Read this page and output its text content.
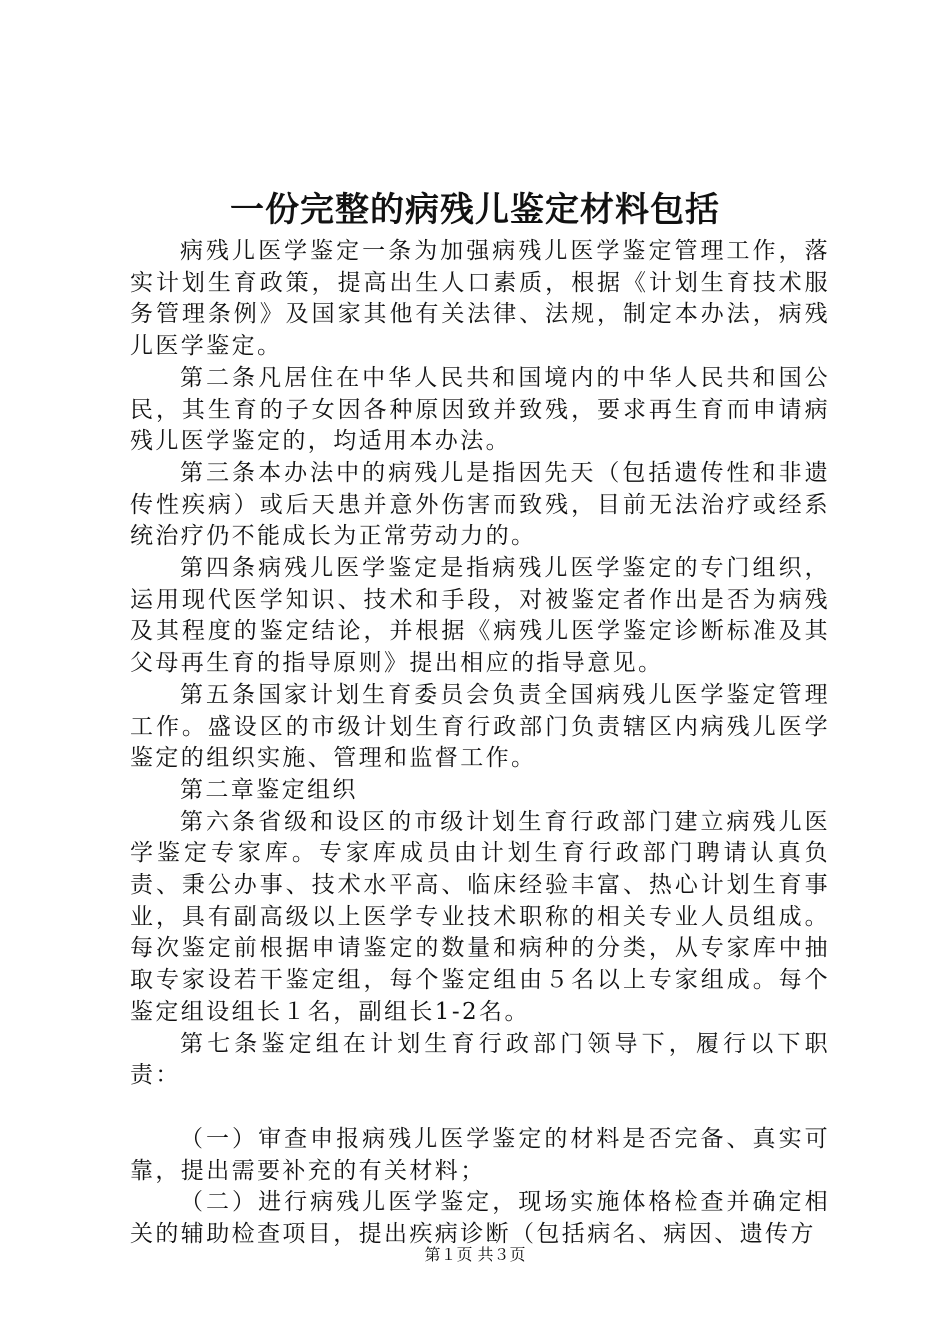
一份完整的病残儿鉴定材料包括

病残儿医学鉴定一条为加强病残儿医学鉴定管理工作，落实计划生育政策，提高出生人口素质，根据《计划生育技术服务管理条例》及国家其他有关法律、法规，制定本办法，病残儿医学鉴定。

第二条凡居住在中华人民共和国境内的中华人民共和国公民，其生育的子女因各种原因致并致残，要求再生育而申请病残儿医学鉴定的，均适用本办法。

第三条本办法中的病残儿是指因先天（包括遗传性和非遗传性疾病）或后天患并意外伤害而致残，目前无法治疗或经系统治疗仍不能成长为正常劳动力的。

第四条病残儿医学鉴定是指病残儿医学鉴定的专门组织，运用现代医学知识、技术和手段，对被鉴定者作出是否为病残及其程度的鉴定结论，并根据《病残儿医学鉴定诊断标准及其父母再生育的指导原则》提出相应的指导意见。

第五条国家计划生育委员会负责全国病残儿医学鉴定管理工作。盛设区的市级计划生育行政部门负责辖区内病残儿医学鉴定的组织实施、管理和监督工作。

第二章鉴定组织

第六条省级和设区的市级计划生育行政部门建立病残儿医学鉴定专家库。专家库成员由计划生育行政部门聘请认真负责、秉公办事、技术水平高、临床经验丰富、热心计划生育事业，具有副高级以上医学专业技术职称的相关专业人员组成。每次鉴定前根据申请鉴定的数量和病种的分类，从专家库中抽取专家设若干鉴定组，每个鉴定组由５名以上专家组成。每个鉴定组设组长１名，副组长1-2名。

第七条鉴定组在计划生育行政部门领导下，履行以下职责：

（一）审查申报病残儿医学鉴定的材料是否完备、真实可靠，提出需要补充的有关材料；

（二）进行病残儿医学鉴定，现场实施体格检查并确定相关的辅助检查项目，提出疾病诊断（包括病名、病因、遗传方

第１页 共３页
